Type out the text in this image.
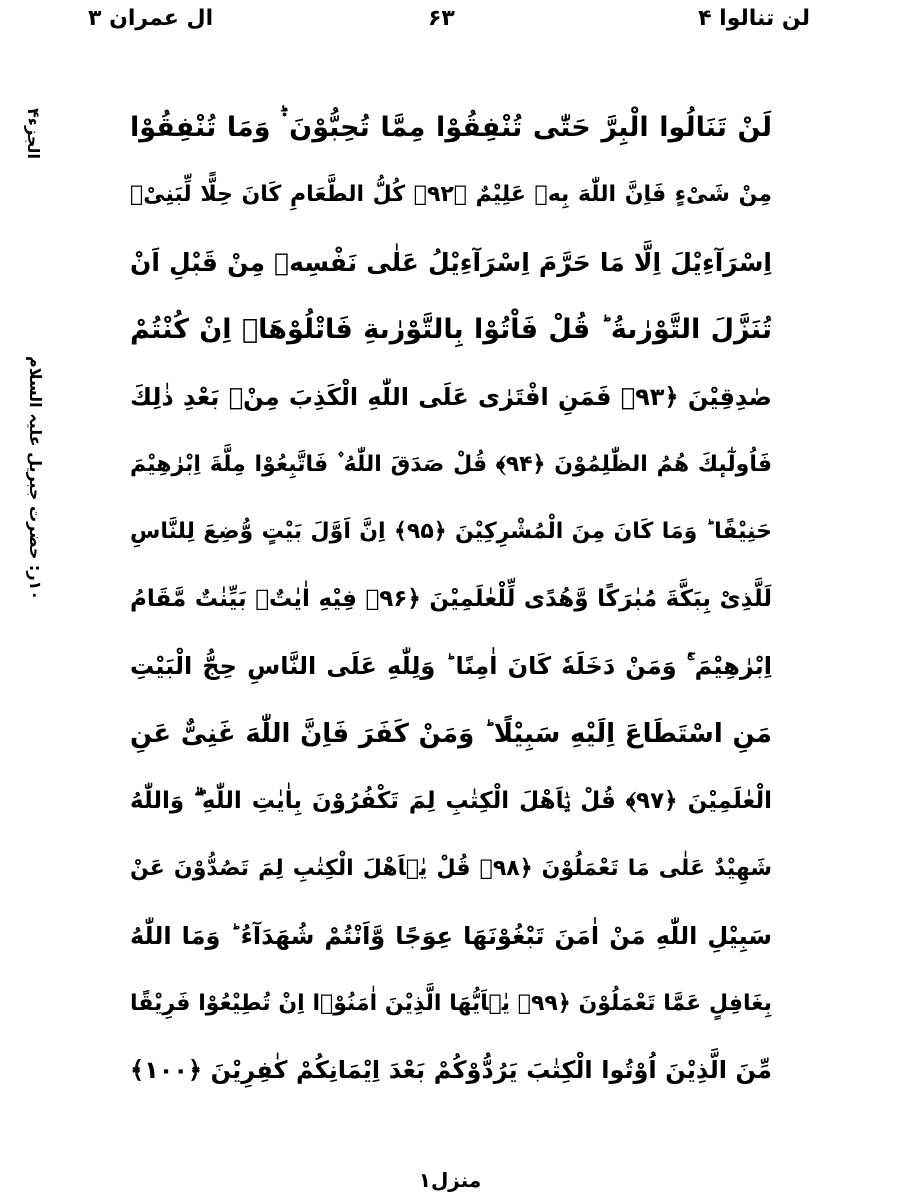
لن تنالوا ۴
۶۳
ال عمران ۳
الجزء۴
۱۰ر: حضرت جبریل علیہ السلام
لَنْ تَنَالُوا الْبِرَّ حَتّٰى تُنْفِقُوْا مِمَّا تُحِبُّوْنَ ۬ؕ وَمَا تُنْفِقُوْا
مِنْ شَیْءٍ فَاِنَّ اللّٰهَ بِهٖ عَلِیْمٌ ﴿۹۲﴾ كُلُّ الطَّعَامِ كَانَ حِلًّا لِّبَنِیْۤ
اِسْرَآءِیْلَ اِلَّا مَا حَرَّمَ اِسْرَآءِیْلُ عَلٰى نَفْسِهٖ مِنْ قَبْلِ اَنْ
تُنَزَّلَ التَّوْرٰىةُ ؕ قُلْ فَاْتُوْا بِالتَّوْرٰىةِ فَاتْلُوْهَاۤ اِنْ كُنْتُمْ
صٰدِقِیْنَ ﴿۹۳﴾ فَمَنِ افْتَرٰى عَلَى اللّٰهِ الْكَذِبَ مِنْۢ بَعْدِ ذٰلِكَ
فَاُولٰٓىٕكَ هُمُ الظّٰلِمُوْنَ ﴿۹۴﴾ قُلْ صَدَقَ اللّٰهُ ۫ فَاتَّبِعُوْا مِلَّةَ اِبْرٰهِیْمَ
حَنِیْفًا ؕ وَمَا كَانَ مِنَ الْمُشْرِكِیْنَ ﴿۹۵﴾ اِنَّ اَوَّلَ بَیْتٍ وُّضِعَ لِلنَّاسِ
لَلَّذِیْ بِبَكَّةَ مُبٰرَكًا وَّهُدًى لِّلْعٰلَمِیْنَ ﴿۹۶﴾ فِیْهِ اٰیٰتٌۢ بَیِّنٰتٌ مَّقَامُ
اِبْرٰهِیْمَ ۚ۬ وَمَنْ دَخَلَهٗ كَانَ اٰمِنًا ؕ وَلِلّٰهِ عَلَى النَّاسِ حِجُّ الْبَیْتِ
مَنِ اسْتَطَاعَ اِلَیْهِ سَبِیْلًا ؕ وَمَنْ كَفَرَ فَاِنَّ اللّٰهَ غَنِیٌّ عَنِ
الْعٰلَمِیْنَ ﴿۹۷﴾ قُلْ یٰۤاَهْلَ الْكِتٰبِ لِمَ تَكْفُرُوْنَ بِاٰیٰتِ اللّٰهِ ۖۗ وَاللّٰهُ
شَهِیْدٌ عَلٰى مَا تَعْمَلُوْنَ ﴿۹۸﴾ قُلْ یٰۤاَهْلَ الْكِتٰبِ لِمَ تَصُدُّوْنَ عَنْ
سَبِیْلِ اللّٰهِ مَنْ اٰمَنَ تَبْغُوْنَهَا عِوَجًا وَّاَنْتُمْ شُهَدَآءُ ؕ وَمَا اللّٰهُ
بِغَافِلٍ عَمَّا تَعْمَلُوْنَ ﴿۹۹﴾ یٰۤاَیُّهَا الَّذِیْنَ اٰمَنُوْۤا اِنْ تُطِیْعُوْا فَرِیْقًا
مِّنَ الَّذِیْنَ اُوْتُوا الْكِتٰبَ یَرُدُّوْكُمْ بَعْدَ اِیْمَانِكُمْ كٰفِرِیْنَ ﴿۱۰۰﴾
منزل۱
